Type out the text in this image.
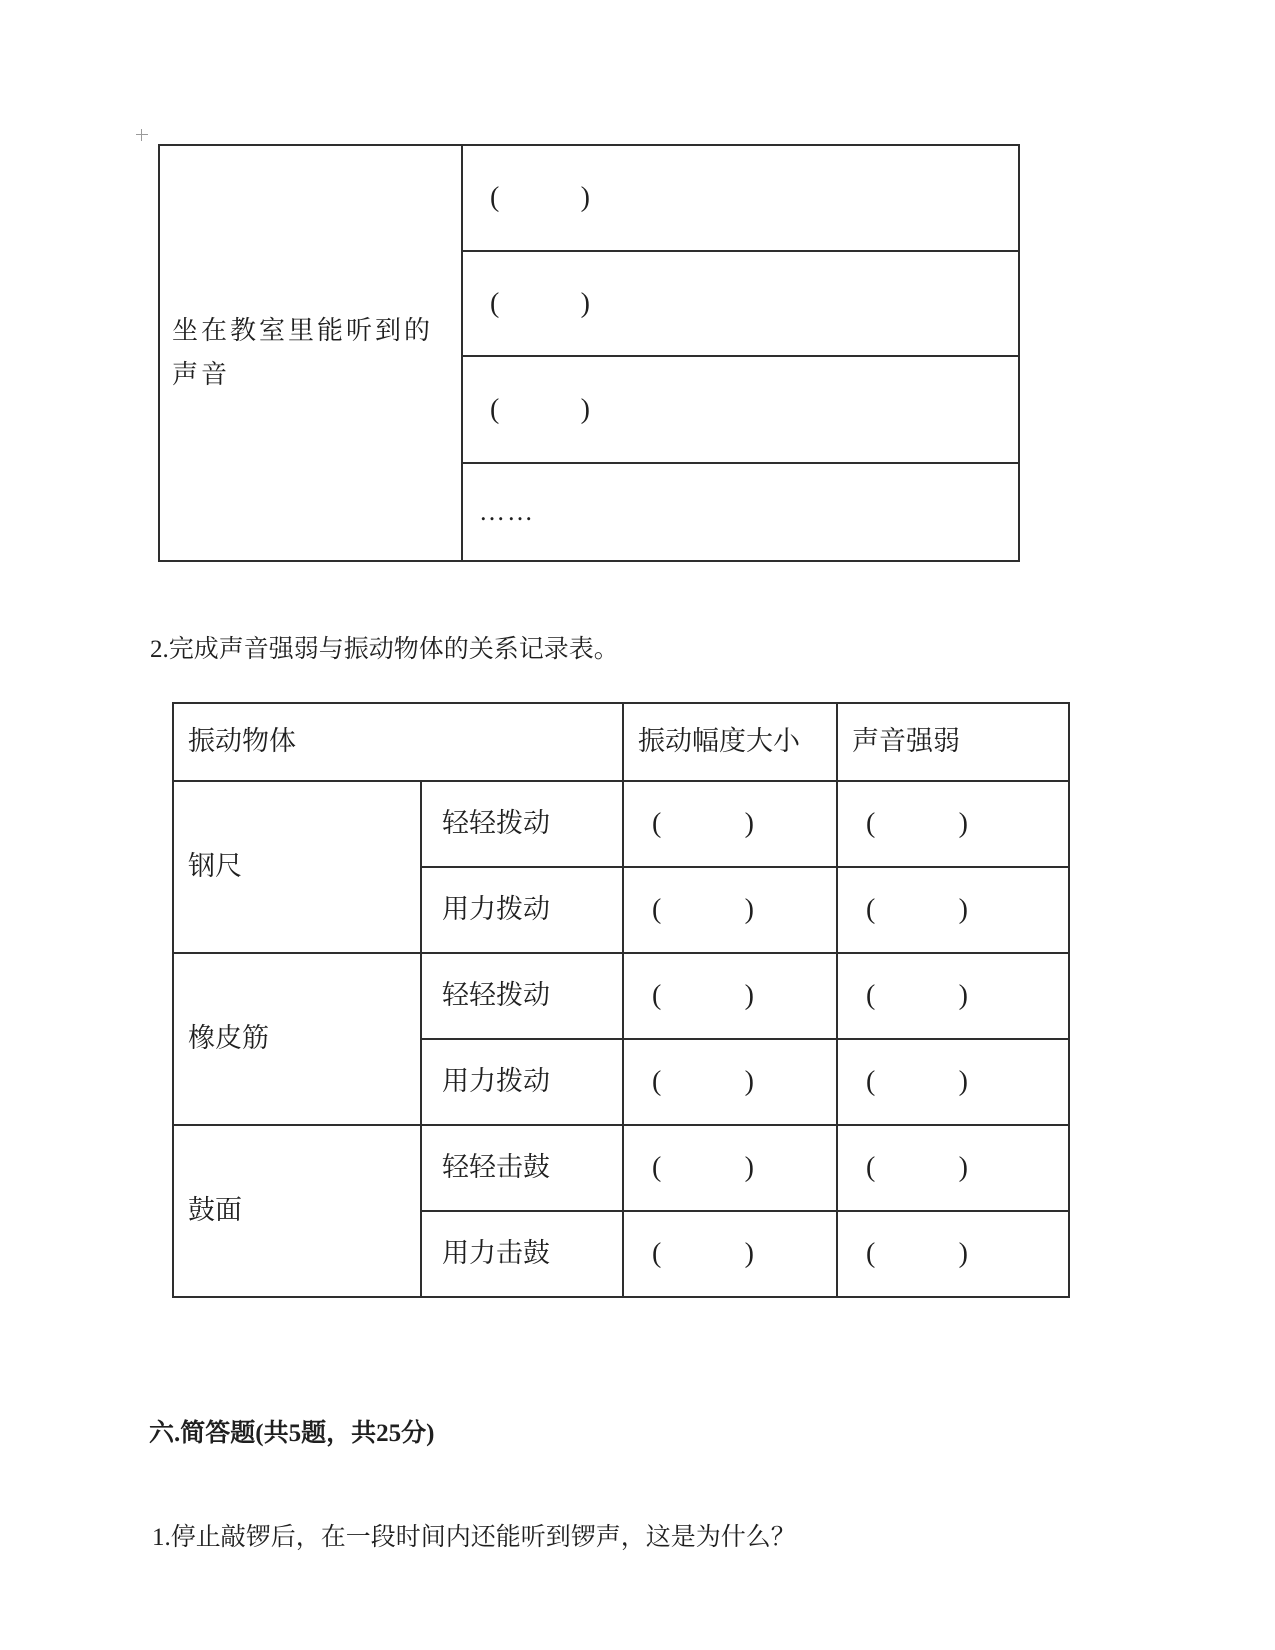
坐在教室里能听到的声音	
(	)

(	)

(	)

……
2.完成声音强弱与振动物体的关系记录表。
振动物体		振动幅度大小	声音强弱
钢尺	轻轻拨动	( )	( )

	用力拨动	( )	( )

橡皮筋	轻轻拨动	( )	( )

	用力拨动	( )	( )

鼓面	轻轻击鼓	( )	( )

	用力击鼓	( )	( )
六.简答题(共5题，共25分)
1.停止敲锣后，在一段时间内还能听到锣声，这是为什么？
